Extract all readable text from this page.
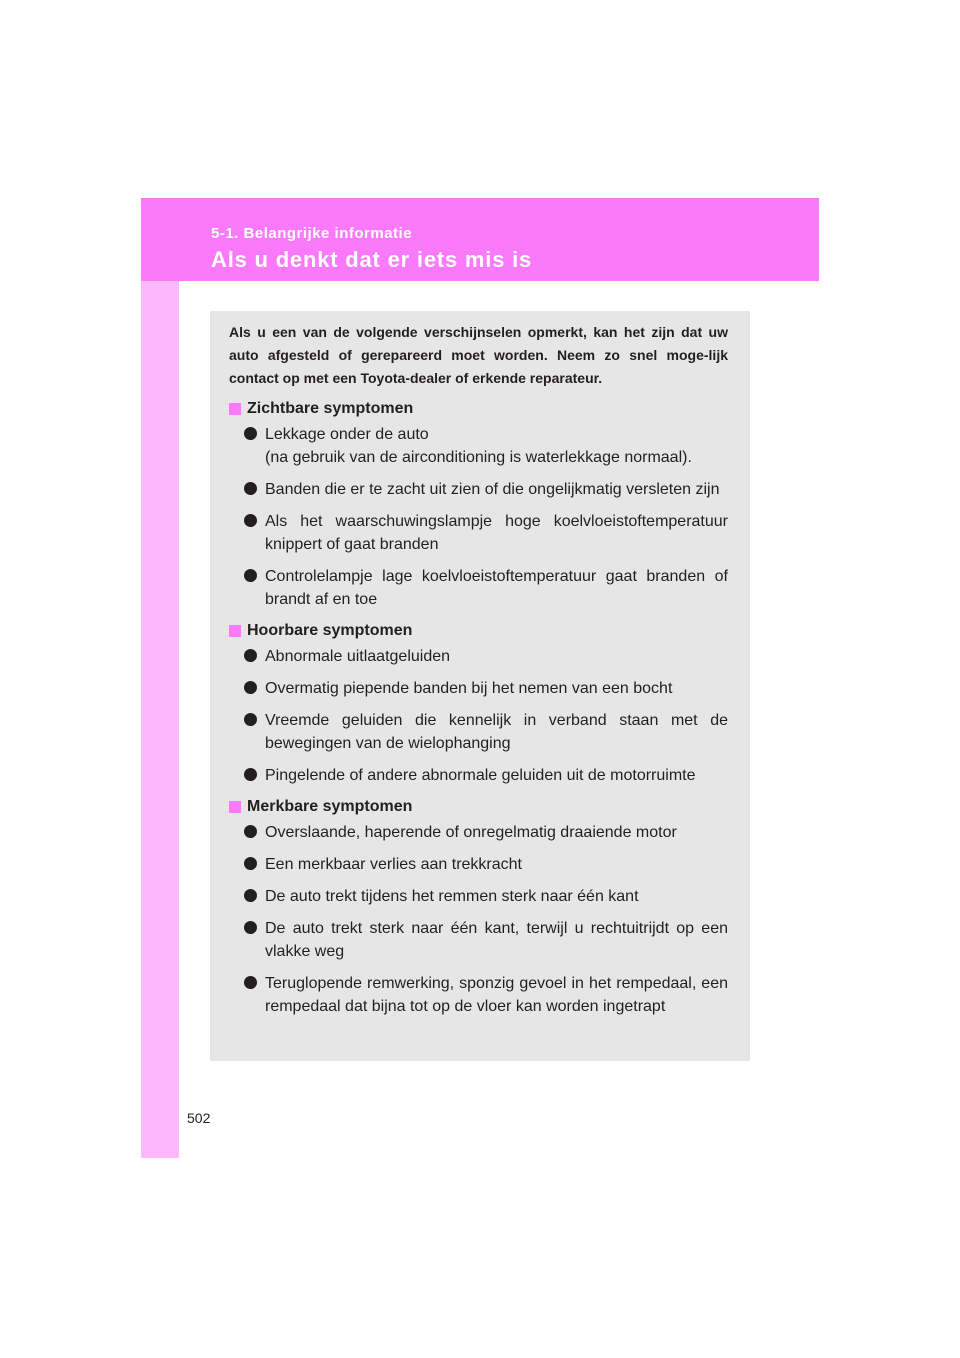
5-1. Belangrijke informatie
Als u denkt dat er iets mis is

Als u een van de volgende verschijnselen opmerkt, kan het zijn dat uw auto afgesteld of gerepareerd moet worden. Neem zo snel moge-lijk contact op met een Toyota-dealer of erkende reparateur.

Zichtbare symptomen
Lekkage onder de auto
(na gebruik van de airconditioning is waterlekkage normaal).
Banden die er te zacht uit zien of die ongelijkmatig versleten zijn
Als het waarschuwingslampje hoge koelvloeistoftemperatuur knippert of gaat branden
Controlelampje lage koelvloeistoftemperatuur gaat branden of brandt af en toe
Hoorbare symptomen
Abnormale uitlaatgeluiden
Overmatig piepende banden bij het nemen van een bocht
Vreemde geluiden die kennelijk in verband staan met de bewegingen van de wielophanging
Pingelende of andere abnormale geluiden uit de motorruimte
Merkbare symptomen
Overslaande, haperende of onregelmatig draaiende motor
Een merkbaar verlies aan trekkracht
De auto trekt tijdens het remmen sterk naar één kant
De auto trekt sterk naar één kant, terwijl u rechtuitrijdt op een vlakke weg
Teruglopende remwerking, sponzig gevoel in het rempedaal, een rempedaal dat bijna tot op de vloer kan worden ingetrapt
502
